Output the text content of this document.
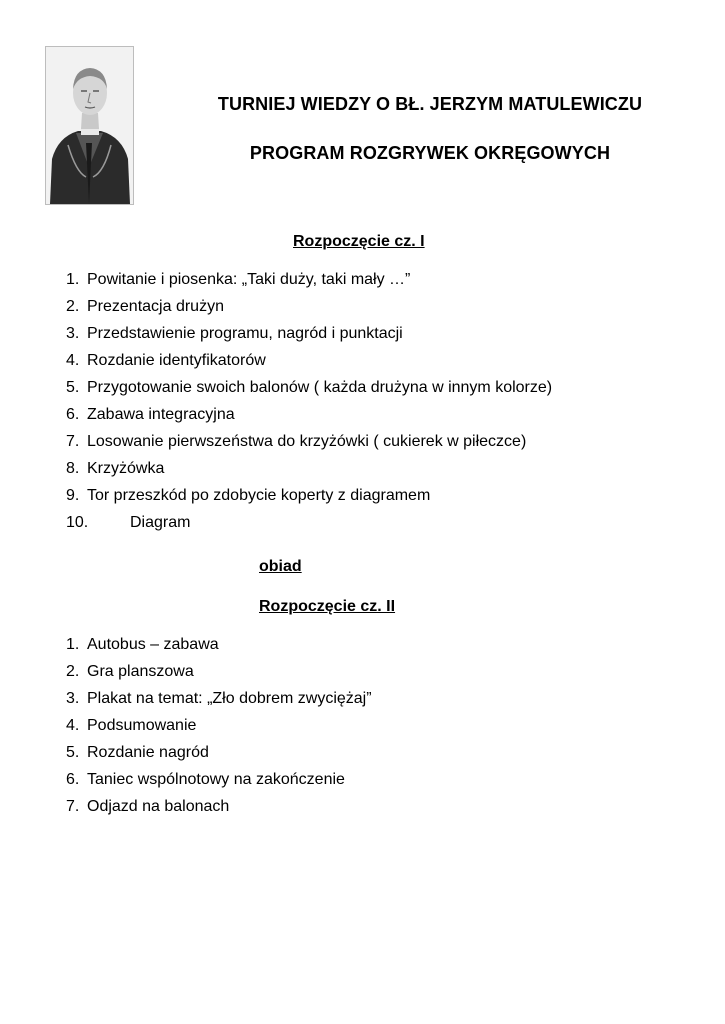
TURNIEJ WIEDZY O BŁ. JERZYM MATULEWICZU
PROGRAM ROZGRYWEK OKRĘGOWYCH
Rozpoczęcie cz. I
1. Powitanie i piosenka: „Taki duży, taki mały …”
2. Prezentacja drużyn
3. Przedstawienie programu, nagród i punktacji
4. Rozdanie identyfikatorów
5. Przygotowanie swoich balonów ( każda drużyna w innym kolorze)
6. Zabawa integracyjna
7. Losowanie pierwszeństwa do krzyżówki ( cukierek w piłeczce)
8. Krzyżówka
9. Tor przeszkód po zdobycie koperty z diagramem
10.	Diagram
obiad
Rozpoczęcie cz. II
1. Autobus – zabawa
2. Gra planszowa
3. Plakat na temat: „Zło dobrem zwyciężaj”
4. Podsumowanie
5. Rozdanie nagród
6. Taniec wspólnotowy na zakończenie
7. Odjazd na balonach
